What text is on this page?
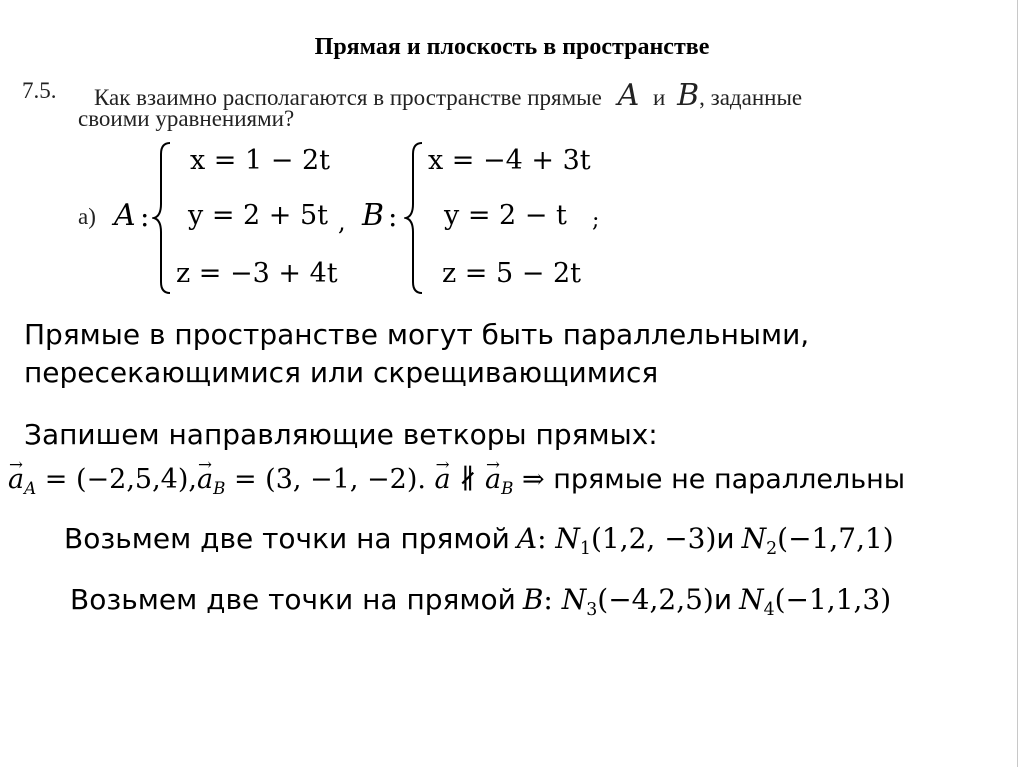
Прямая и плоскость в пространстве
7.5. Как взаимно располагаются в пространстве прямые A и B, заданные
своими уравнениями?
а) A :
x = 1 − 2t
y = 2 + 5t
z = −3 + 4t
, B :
x = −4 + 3t
y = 2 − t
z = 5 − 2t
;
Прямые в пространстве могут быть параллельными,
пересекающимися или скрещивающимися
Запишем направляющие веткоры прямых:
→ $a_A = (-2,5,4),\to a_B = (3$, −1, −2). → a ∦ → $a_B$ ⇒ прямые не параллельны
Возьмем две точки на прямой A: $N_1(1,2$, −3)и $N_2(-1,7,1)$
Возьмем две точки на прямой B: $N_3(-4,2,5)и$ $N_4(-1,1,3)$
